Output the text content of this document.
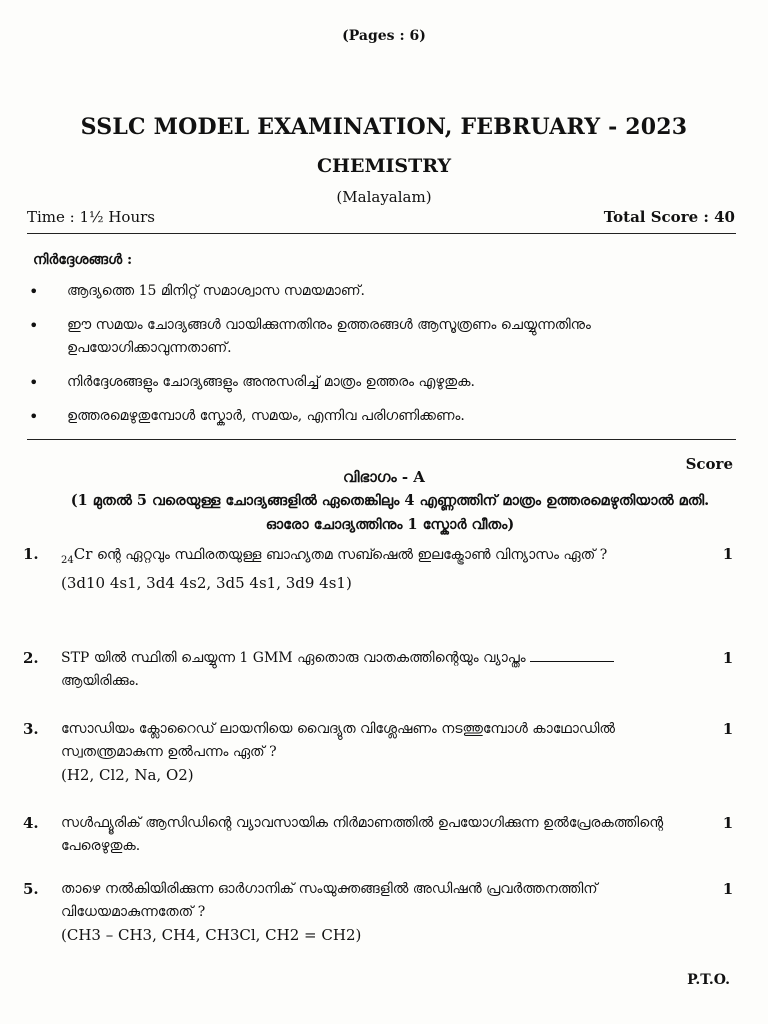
(Pages : 6)
SSLC MODEL EXAMINATION, FEBRUARY - 2023
CHEMISTRY
(Malayalam)
Time : 1½ Hours	Total Score : 40
നിർദ്ദേശങ്ങൾ :
•	ആദ്യത്തെ 15 മിനിറ്റ് സമാശ്വാസ സമയമാണ്.
•	ഈ സമയം ചോദ്യങ്ങൾ വായിക്കുന്നതിനും ഉത്തരങ്ങൾ ആസൂത്രണം ചെയ്യുന്നതിനും ഉപയോഗിക്കാവുന്നതാണ്.
•	നിർദ്ദേശങ്ങളും ചോദ്യങ്ങളും അനുസരിച്ച് മാത്രം ഉത്തരം എഴുതുക.
•	ഉത്തരമെഴുതുമ്പോൾ സ്കോർ, സമയം, എന്നിവ പരിഗണിക്കണം.
Score
വിഭാഗം - A
(1 മുതൽ 5 വരെയുള്ള ചോദ്യങ്ങളിൽ ഏതെങ്കിലും 4 എണ്ണത്തിന് മാത്രം ഉത്തരമെഴുതിയാൽ മതി. ഓരോ ചോദ്യത്തിനും 1 സ്കോർ വീതം)
1.	$_{24}$Cr ന്റെ ഏറ്റവും സ്ഥിരതയുള്ള ബാഹ്യതമ സബ്ഷെൽ ഇലക്ട്രോൺ വിന്യാസം ഏത് ?
(3d10 4s1, 3d4 4s2, 3d5 4s1, 3d9 4s1)
1
2.	STP യിൽ സ്ഥിതി ചെയ്യുന്ന 1 GMM ഏതൊരു വാതകത്തിന്റെയും വ്യാപ്തം
ആയിരിക്കും.
1
3.	സോഡിയം ക്ലോറൈഡ് ലായനിയെ വൈദ്യുത വിശ്ലേഷണം നടത്തുമ്പോൾ കാഥോഡിൽ സ്വതന്ത്രമാകുന്ന ഉൽപന്നം ഏത് ?
(H2, Cl2, Na, O2)
1
4.	സൾഫ്യൂരിക് ആസിഡിന്റെ വ്യാവസായിക നിർമാണത്തിൽ ഉപയോഗിക്കുന്ന ഉൽപ്രേരകത്തിന്റെ പേരെഴുതുക.
1
5.	താഴെ നൽകിയിരിക്കുന്ന ഓർഗാനിക് സംയുക്തങ്ങളിൽ അഡിഷൻ പ്രവർത്തനത്തിന് വിധേയമാകുന്നതേത് ?
(CH3 – CH3, CH4, CH3Cl, CH2 = CH2)
1
P.T.O.
